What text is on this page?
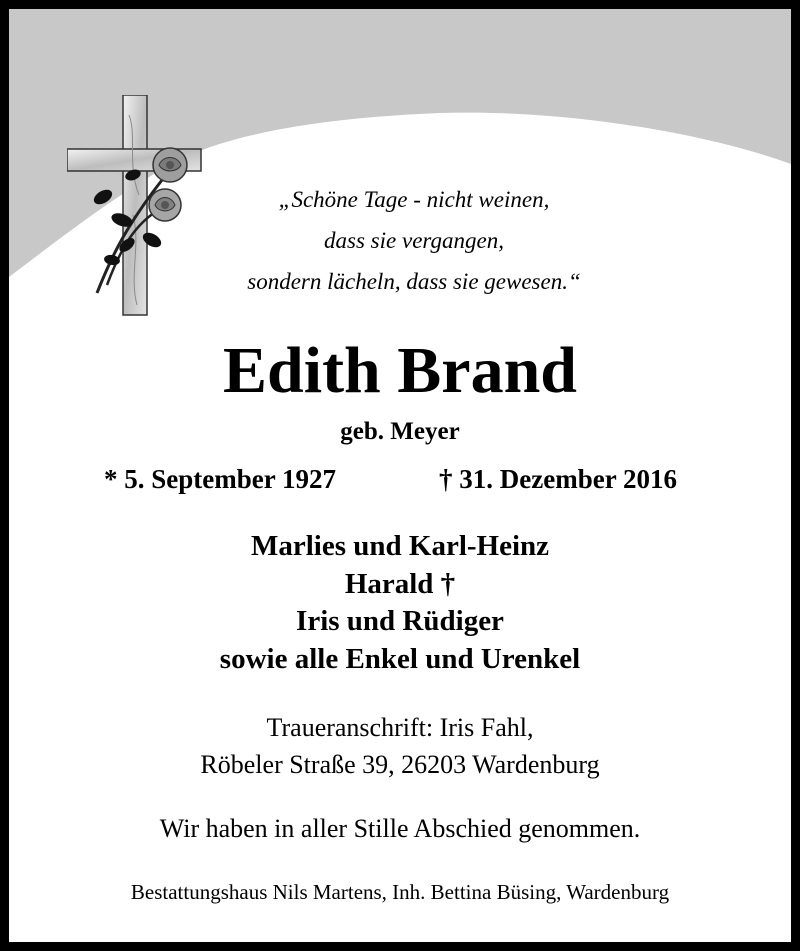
„Schöne Tage - nicht weinen,
dass sie vergangen,
sondern lächeln, dass sie gewesen.“
Edith Brand
geb. Meyer
* 5. September 1927	† 31. Dezember 2016
Marlies und Karl-Heinz
Harald †
Iris und Rüdiger
sowie alle Enkel und Urenkel
Traueranschrift: Iris Fahl,
Röbeler Straße 39, 26203 Wardenburg
Wir haben in aller Stille Abschied genommen.
Bestattungshaus Nils Martens, Inh. Bettina Büsing, Wardenburg
